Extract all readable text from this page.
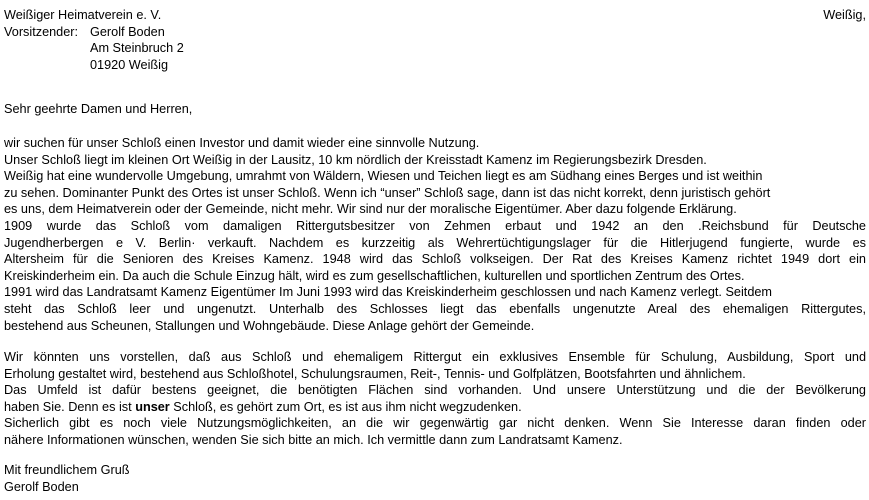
Weißiger Heimatverein e. V.
Vorsitzender: Gerolf Boden
Am Steinbruch 2
01920 Weißig
Weißig,
Sehr geehrte Damen und Herren,
wir suchen für unser Schloß einen Investor und damit wieder eine sinnvolle Nutzung.
Unser Schloß liegt im kleinen Ort Weißig in der Lausitz, 10 km nördlich der Kreisstadt Kamenz im Regierungsbezirk Dresden.
Weißig hat eine wundervolle Umgebung, umrahmt von Wäldern, Wiesen und Teichen liegt es am Südhang eines Berges und ist weithin
zu sehen. Dominanter Punkt des Ortes ist unser Schloß. Wenn ich “unser” Schloß sage, dann ist das nicht korrekt, denn juristisch gehört
es uns, dem Heimatverein oder der Gemeinde, nicht mehr. Wir sind nur der moralische Eigentümer. Aber dazu folgende Erklärung.
1909 wurde das Schloß vom damaligen Rittergutsbesitzer von Zehmen erbaut und 1942 an den .Reichsbund für Deutsche
Jugendherbergen e V. Berlin· verkauft. Nachdem es kurzzeitig als Wehrertüchtigungslager für die Hitlerjugend fungierte, wurde es
Altersheim für die Senioren des Kreises Kamenz. 1948 wird das Schloß volkseigen. Der Rat des Kreises Kamenz richtet 1949 dort ein
Kreiskinderheim ein. Da auch die Schule Einzug hält, wird es zum gesellschaftlichen, kulturellen und sportlichen Zentrum des Ortes.
1991 wird das Landratsamt Kamenz Eigentümer Im Juni 1993 wird das Kreiskinderheim geschlossen und nach Kamenz verlegt. Seitdem
steht das Schloß leer und ungenutzt. Unterhalb des Schlosses liegt das ebenfalls ungenutzte Areal des ehemaligen Rittergutes,
bestehend aus Scheunen, Stallungen und Wohngebäude. Diese Anlage gehört der Gemeinde.
Wir könnten uns vorstellen, daß aus Schloß und ehemaligem Rittergut ein exklusives Ensemble für Schulung, Ausbildung, Sport und
Erholung gestaltet wird, bestehend aus Schloßhotel, Schulungsraumen, Reit-, Tennis- und Golfplätzen, Bootsfahrten und ähnlichem.
Das Umfeld ist dafür bestens geeignet, die benötigten Flächen sind vorhanden. Und unsere Unterstützung und die der Bevölkerung
haben Sie. Denn es ist unser Schloß, es gehört zum Ort, es ist aus ihm nicht wegzudenken.
Sicherlich gibt es noch viele Nutzungsmöglichkeiten, an die wir gegenwärtig gar nicht denken. Wenn Sie Interesse daran finden oder
nähere Informationen wünschen, wenden Sie sich bitte an mich. Ich vermittle dann zum Landratsamt Kamenz.
Mit freundlichem Gruß
Gerolf Boden
